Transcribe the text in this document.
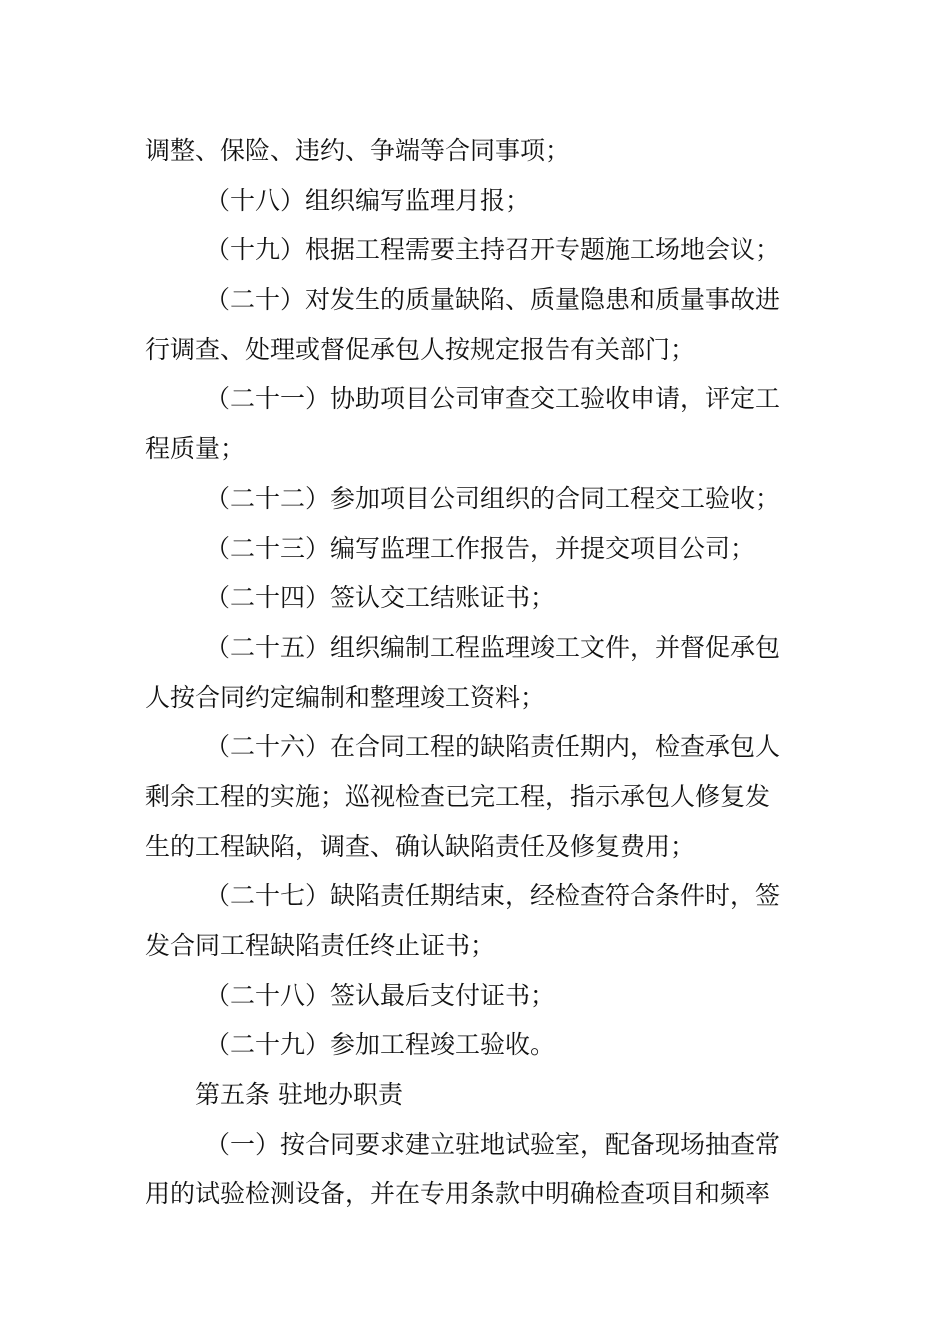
调整、保险、违约、争端等合同事项；
（十八）组织编写监理月报；
（十九）根据工程需要主持召开专题施工场地会议；
（二十）对发生的质量缺陷、质量隐患和质量事故进
行调查、处理或督促承包人按规定报告有关部门；
（二十一）协助项目公司审查交工验收申请，评定工
程质量；
（二十二）参加项目公司组织的合同工程交工验收；
（二十三）编写监理工作报告，并提交项目公司；
（二十四）签认交工结账证书；
（二十五）组织编制工程监理竣工文件，并督促承包
人按合同约定编制和整理竣工资料；
（二十六）在合同工程的缺陷责任期内，检查承包人
剩余工程的实施；巡视检查已完工程，指示承包人修复发
生的工程缺陷，调查、确认缺陷责任及修复费用；
（二十七）缺陷责任期结束，经检查符合条件时，签
发合同工程缺陷责任终止证书；
（二十八）签认最后支付证书；
（二十九）参加工程竣工验收。
第五条 驻地办职责
（一）按合同要求建立驻地试验室，配备现场抽查常
用的试验检测设备，并在专用条款中明确检查项目和频率
